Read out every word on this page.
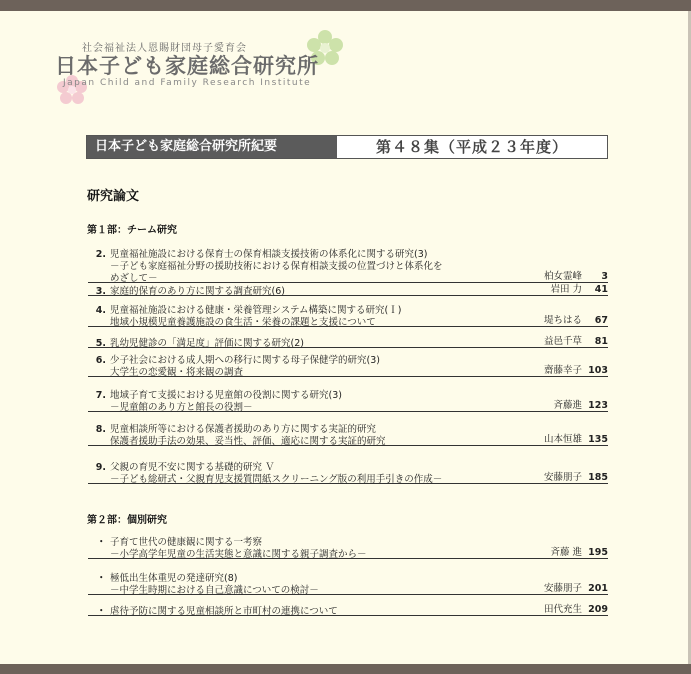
社会福祉法人恩賜財団母子愛育会
日本子ども家庭総合研究所
Japan Child and Family Research Institute
日本子ども家庭総合研究所紀要	第４８集（平成２３年度）
研究論文
第１部：チーム研究
2. 児童福祉施設における保育士の保育相談支援技術の体系化に関する研究(3)
－子ども家庭福祉分野の援助技術における保育相談支援の位置づけと体系化を
めざして－	柏女霊峰 3
3. 家庭的保育のあり方に関する調査研究(6)	岩田 力 41
4. 児童福祉施設における健康・栄養管理システム構築に関する研究(Ｉ)
地域小規模児童養護施設の食生活・栄養の課題と支援について	堤ちはる 67
5. 乳幼児健診の「満足度」評価に関する研究(2)	益邑千草 81
6. 少子社会における成人期への移行に関する母子保健学的研究(3)
大学生の恋愛観・将来観の調査	齋藤幸子 103
7. 地域子育て支援における児童館の役割に関する研究(3)
－児童館のあり方と館長の役割－	斉藤進 123
8. 児童相談所等における保護者援助のあり方に関する実証的研究
保護者援助手法の効果、妥当性、評価、適応に関する実証的研究	山本恒雄 135
9. 父親の育児不安に関する基礎的研究 Ｖ
－子ども総研式・父親育児支援質問紙スクリーニング版の利用手引きの作成－	安藤朋子 185
第２部：個別研究
・ 子育て世代の健康観に関する一考察
－小学高学年児童の生活実態と意識に関する親子調査から－	斉藤 進 195
・ 極低出生体重児の発達研究(8)
－中学生時期における自己意識についての検討－	安藤朋子 201
・ 虐待予防に関する児童相談所と市町村の連携について	田代充生 209
